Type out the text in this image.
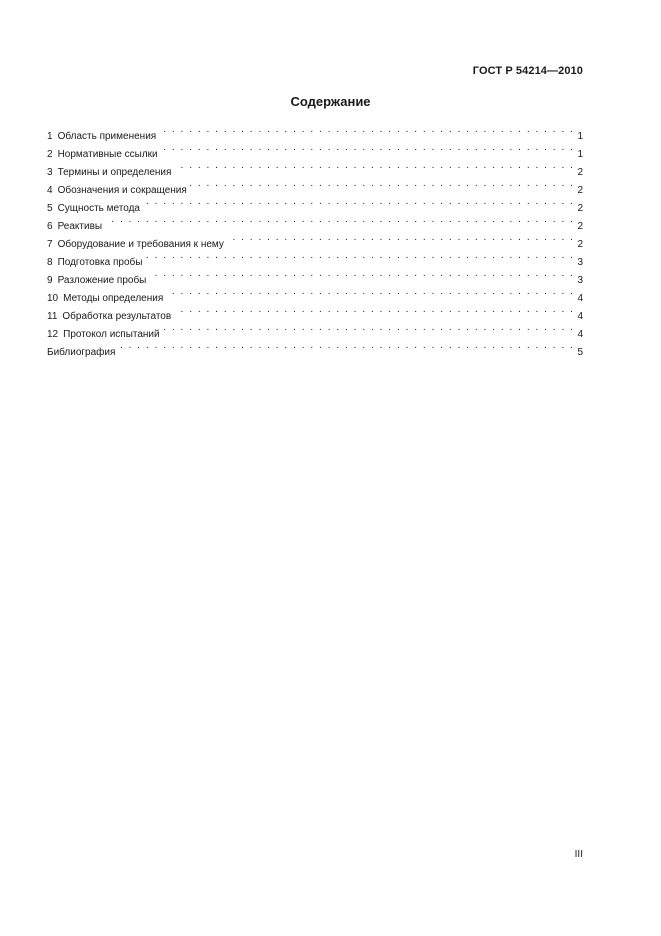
ГОСТ Р 54214—2010
Содержание
1 Область применения . . .	1
2 Нормативные ссылки . . .	1
3 Термины и определения . . .	2
4 Обозначения и сокращения . . .	2
5 Сущность метода . . .	2
6 Реактивы . . .	2
7 Оборудование и требования к нему . . .	2
8 Подготовка пробы . . .	3
9 Разложение пробы . . .	3
10 Методы определения . . .	4
11 Обработка результатов . . .	4
12 Протокол испытаний . . .	4
Библиография . . .	5
III
